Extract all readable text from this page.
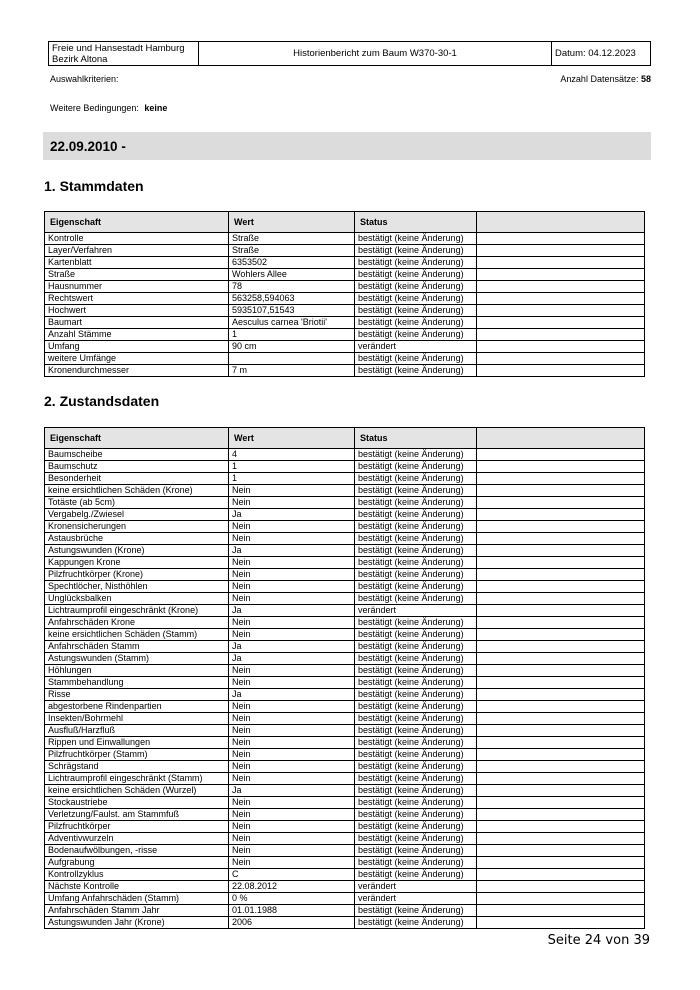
Freie und Hansestadt Hamburg
Bezirk Altona	Historienbericht zum Baum W370-30-1	Datum: 04.12.2023
Auswahlkriterien:	Anzahl Datensätze: 58
Weitere Bedingungen: keine
22.09.2010 -
1. Stammdaten
Eigenschaft	Wert	Status	
Kontrolle	Straße	bestätigt (keine Änderung)	
Layer/Verfahren	Straße	bestätigt (keine Änderung)	
Kartenblatt	6353502	bestätigt (keine Änderung)	
Straße	Wohlers Allee	bestätigt (keine Änderung)	
Hausnummer	78	bestätigt (keine Änderung)	
Rechtswert	563258,594063	bestätigt (keine Änderung)	
Hochwert	5935107,51543	bestätigt (keine Änderung)	
Baumart	Aesculus carnea 'Briotii'	bestätigt (keine Änderung)	
Anzahl Stämme	1	bestätigt (keine Änderung)	
Umfang	90 cm	verändert	
weitere Umfänge		bestätigt (keine Änderung)	
Kronendurchmesser	7 m	bestätigt (keine Änderung)	
2. Zustandsdaten
Eigenschaft	Wert	Status	
Baumscheibe	4	bestätigt (keine Änderung)	
Baumschutz	1	bestätigt (keine Änderung)	
Besonderheit	1	bestätigt (keine Änderung)	
keine ersichtlichen Schäden (Krone)	Nein	bestätigt (keine Änderung)	
Totäste (ab 5cm)	Nein	bestätigt (keine Änderung)	
Vergabelg./Zwiesel	Ja	bestätigt (keine Änderung)	
Kronensicherungen	Nein	bestätigt (keine Änderung)	
Astausbrüche	Nein	bestätigt (keine Änderung)	
Astungswunden (Krone)	Ja	bestätigt (keine Änderung)	
Kappungen Krone	Nein	bestätigt (keine Änderung)	
Pilzfruchtkörper (Krone)	Nein	bestätigt (keine Änderung)	
Spechtlöcher, Nisthöhlen	Nein	bestätigt (keine Änderung)	
Unglücksbalken	Nein	bestätigt (keine Änderung)	
Lichtraumprofil eingeschränkt (Krone)	Ja	verändert	
Anfahrschäden Krone	Nein	bestätigt (keine Änderung)	
keine ersichtlichen Schäden (Stamm)	Nein	bestätigt (keine Änderung)	
Anfahrschäden Stamm	Ja	bestätigt (keine Änderung)	
Astungswunden (Stamm)	Ja	bestätigt (keine Änderung)	
Höhlungen	Nein	bestätigt (keine Änderung)	
Stammbehandlung	Nein	bestätigt (keine Änderung)	
Risse	Ja	bestätigt (keine Änderung)	
abgestorbene Rindenpartien	Nein	bestätigt (keine Änderung)	
Insekten/Bohrmehl	Nein	bestätigt (keine Änderung)	
Ausfluß/Harzfluß	Nein	bestätigt (keine Änderung)	
Rippen und Einwallungen	Nein	bestätigt (keine Änderung)	
Pilzfruchtkörper (Stamm)	Nein	bestätigt (keine Änderung)	
Schrägstand	Nein	bestätigt (keine Änderung)	
Lichtraumprofil eingeschränkt (Stamm)	Nein	bestätigt (keine Änderung)	
keine ersichtlichen Schäden (Wurzel)	Ja	bestätigt (keine Änderung)	
Stockaustriebe	Nein	bestätigt (keine Änderung)	
Verletzung/Faulst. am Stammfuß	Nein	bestätigt (keine Änderung)	
Pilzfruchtkörper	Nein	bestätigt (keine Änderung)	
Adventivwurzeln	Nein	bestätigt (keine Änderung)	
Bodenaufwölbungen, -risse	Nein	bestätigt (keine Änderung)	
Aufgrabung	Nein	bestätigt (keine Änderung)	
Kontrollzyklus	C	bestätigt (keine Änderung)	
Nächste Kontrolle	22.08.2012	verändert	
Umfang Anfahrschäden (Stamm)	0 %	verändert	
Anfahrschäden Stamm Jahr	01.01.1988	bestätigt (keine Änderung)	
Astungswunden Jahr (Krone)	2006	bestätigt (keine Änderung)	
Seite 24 von 39
